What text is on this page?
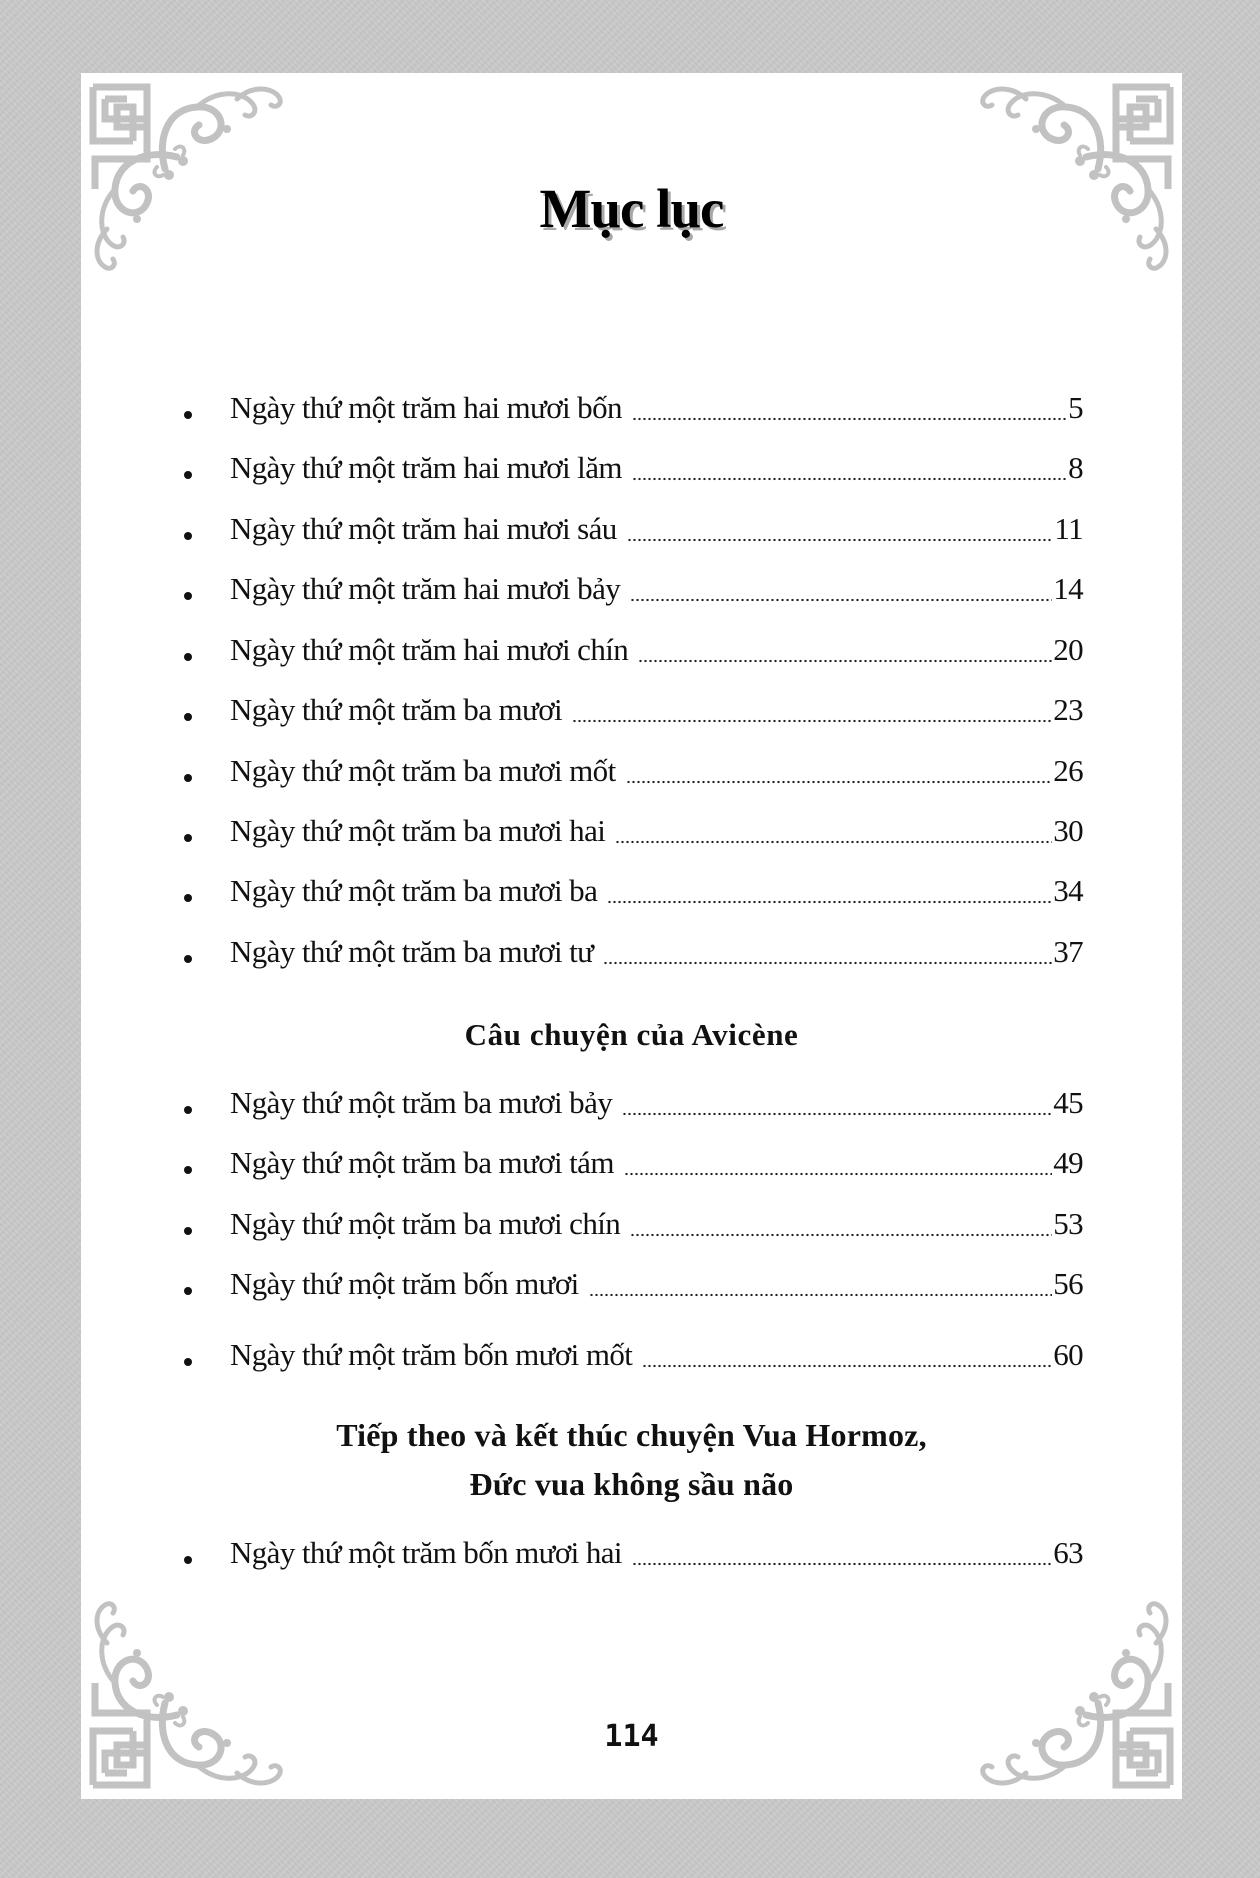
Mục lục
Ngày thứ một trăm hai mươi bốn	5
Ngày thứ một trăm hai mươi lăm	8
Ngày thứ một trăm hai mươi sáu	11
Ngày thứ một trăm hai mươi bảy	14
Ngày thứ một trăm hai mươi chín	20
Ngày thứ một trăm ba mươi	23
Ngày thứ một trăm ba mươi mốt	26
Ngày thứ một trăm ba mươi hai	30
Ngày thứ một trăm ba mươi ba	34
Ngày thứ một trăm ba mươi tư	37
Câu chuyện của Avicène
Ngày thứ một trăm ba mươi bảy	45
Ngày thứ một trăm ba mươi tám	49
Ngày thứ một trăm ba mươi chín	53
Ngày thứ một trăm bốn mươi	56
Ngày thứ một trăm bốn mươi mốt	60
Tiếp theo và kết thúc chuyện Vua Hormoz,
Đức vua không sầu não
Ngày thứ một trăm bốn mươi hai	63
114
